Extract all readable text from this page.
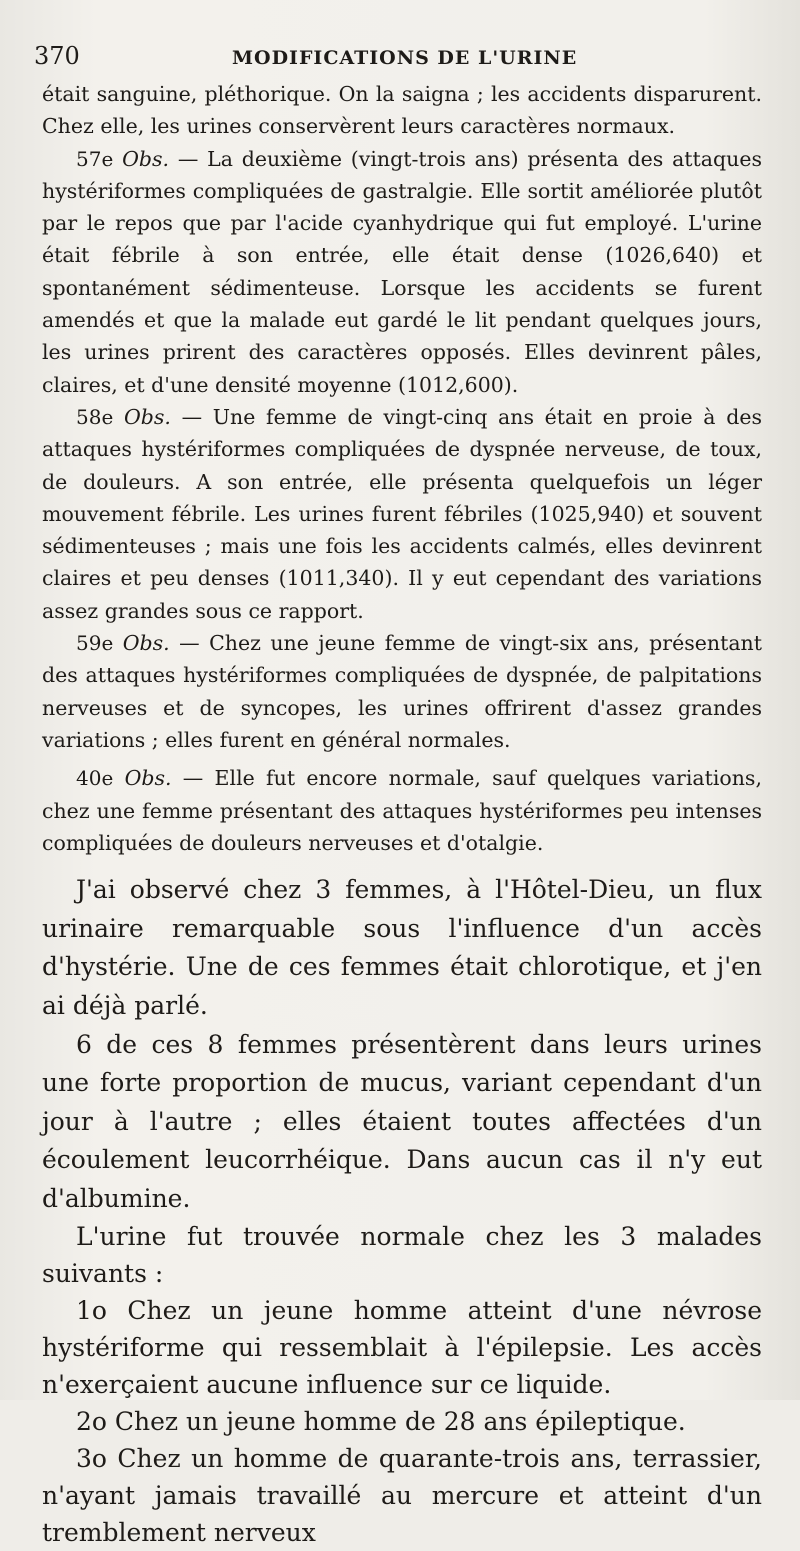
370	MODIFICATIONS DE L'URINE

était sanguine, pléthorique. On la saigna ; les accidents disparurent. Chez elle, les urines conservèrent leurs caractères normaux.

57e Obs. — La deuxième (vingt-trois ans) présenta des attaques hystériformes compliquées de gastralgie. Elle sortit améliorée plutôt par le repos que par l'acide cyanhydrique qui fut employé. L'urine était fébrile à son entrée, elle était dense (1026,640) et spontanément sédimenteuse. Lorsque les accidents se furent amendés et que la malade eut gardé le lit pendant quelques jours, les urines prirent des caractères opposés. Elles devinrent pâles, claires, et d'une densité moyenne (1012,600).

58e Obs. — Une femme de vingt-cinq ans était en proie à des attaques hystériformes compliquées de dyspnée nerveuse, de toux, de douleurs. A son entrée, elle présenta quelquefois un léger mouvement fébrile. Les urines furent fébriles (1025,940) et souvent sédimenteuses ; mais une fois les accidents calmés, elles devinrent claires et peu denses (1011,340). Il y eut cependant des variations assez grandes sous ce rapport.

59e Obs. — Chez une jeune femme de vingt-six ans, présentant des attaques hystériformes compliquées de dyspnée, de palpitations nerveuses et de syncopes, les urines offrirent d'assez grandes variations ; elles furent en général normales.

40e Obs. — Elle fut encore normale, sauf quelques variations, chez une femme présentant des attaques hystériformes peu intenses compliquées de douleurs nerveuses et d'otalgie.

J'ai observé chez 3 femmes, à l'Hôtel-Dieu, un flux urinaire remarquable sous l'influence d'un accès d'hystérie. Une de ces femmes était chlorotique, et j'en ai déjà parlé.

6 de ces 8 femmes présentèrent dans leurs urines une forte proportion de mucus, variant cependant d'un jour à l'autre ; elles étaient toutes affectées d'un écoulement leucorrhéique. Dans aucun cas il n'y eut d'albumine.

L'urine fut trouvée normale chez les 3 malades suivants :

1o Chez un jeune homme atteint d'une névrose hystériforme qui ressemblait à l'épilepsie. Les accès n'exerçaient aucune influence sur ce liquide.

2o Chez un jeune homme de 28 ans épileptique.

3o Chez un homme de quarante-trois ans, terrassier, n'ayant jamais travaillé au mercure et atteint d'un tremblement nerveux
